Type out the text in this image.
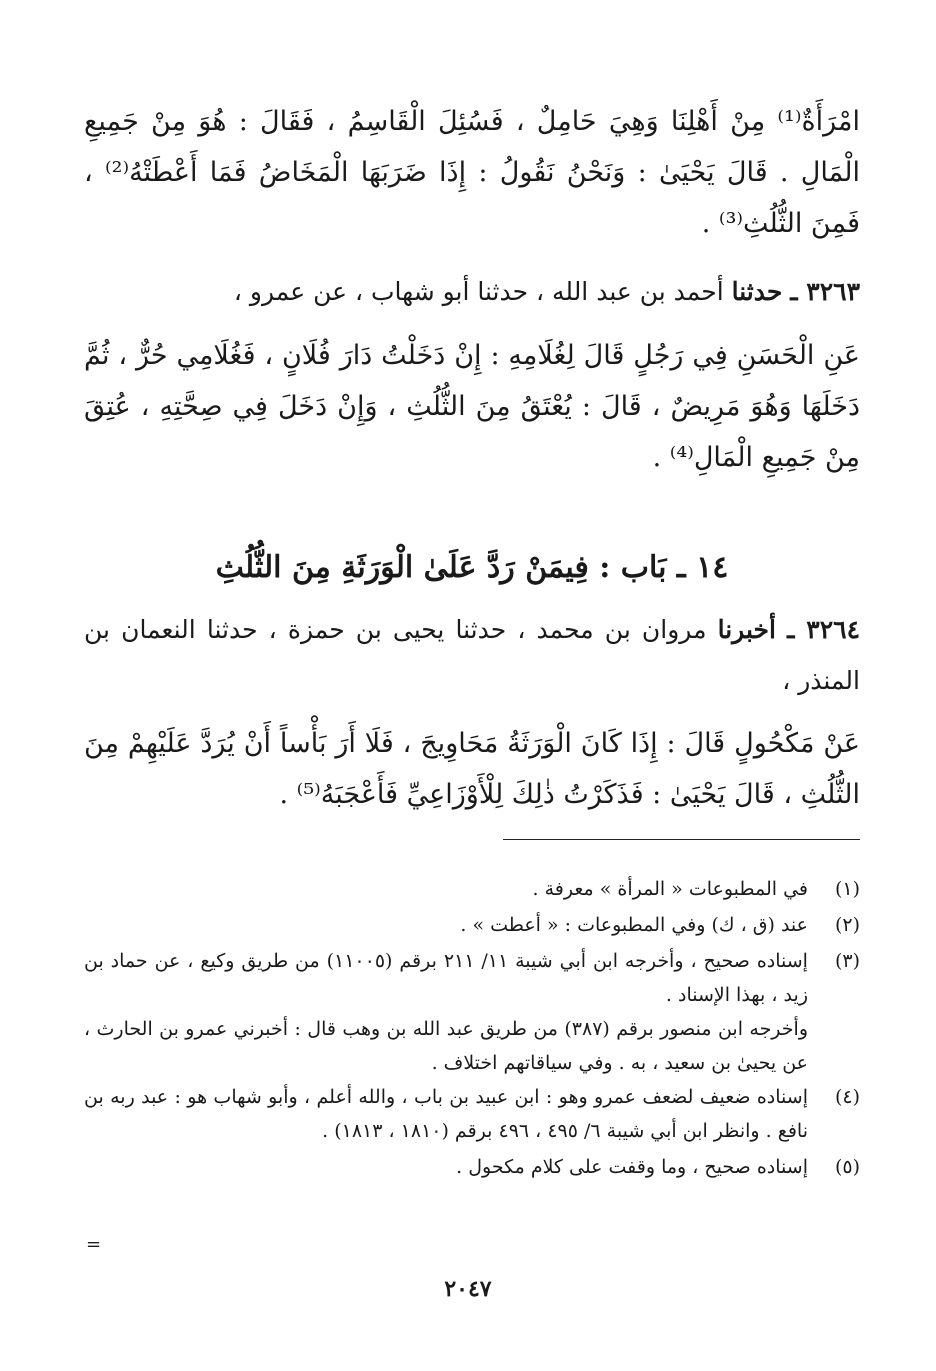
امْرَأَةٌ⁽¹⁾ مِنْ أَهْلِنَا وَهِيَ حَامِلٌ ، فَسُئِلَ الْقَاسِمُ ، فَقَالَ : هُوَ مِنْ جَمِيعِ الْمَالِ . قَالَ يَحْيَىٰ : وَنَحْنُ نَقُولُ : إِذَا ضَرَبَهَا الْمَخَاضُ فَمَا أَعْطَتْهُ⁽²⁾ ، فَمِنَ الثُّلُثِ⁽³⁾ .
٣٢٦٣ ـ حدثنا أحمد بن عبد الله ، حدثنا أبو شهاب ، عن عمرو ،
عَنِ الْحَسَنِ فِي رَجُلٍ قَالَ لِغُلَامِهِ : إِنْ دَخَلْتُ دَارَ فُلَانٍ ، فَغُلَامِي حُرٌّ ، ثُمَّ دَخَلَهَا وَهُوَ مَرِيضٌ ، قَالَ : يُعْتَقُ مِنَ الثُّلُثِ ، وَإِنْ دَخَلَ فِي صِحَّتِهِ ، عُتِقَ مِنْ جَمِيعِ الْمَالِ⁽⁴⁾ .
١٤ ـ بَاب : فِيمَنْ رَدَّ عَلَىٰ الْوَرَثَةِ مِنَ الثُّلُثِ
٣٢٦٤ ـ أخبرنا مروان بن محمد ، حدثنا يحيى بن حمزة ، حدثنا النعمان بن المنذر ،
عَنْ مَكْحُولٍ قَالَ : إِذَا كَانَ الْوَرَثَةُ مَحَاوِيجَ ، فَلَا أَرَ بَأْساً أَنْ يُرَدَّ عَلَيْهِمْ مِنَ الثُّلُثِ ، قَالَ يَحْيَىٰ : فَذَكَرْتُ ذٰلِكَ لِلْأَوْزَاعِيِّ فَأَعْجَبَهُ⁽⁵⁾ .
(١)
في المطبوعات « المرأة » معرفة .
(٢)
عند (ق ، ك) وفي المطبوعات : « أعطت » .
(٣)
إسناده صحيح ، وأخرجه ابن أبي شيبة ١١/ ٢١١ برقم (١١٠٠٥) من طريق وكيع ، عن حماد بن زيد ، بهذا الإسناد .
وأخرجه ابن منصور برقم (٣٨٧) من طريق عبد الله بن وهب قال : أخبرني عمرو بن الحارث ، عن يحيىٰ بن سعيد ، به . وفي سياقاتهم اختلاف .
(٤)
إسناده ضعيف لضعف عمرو وهو : ابن عبيد بن باب ، والله أعلم ، وأبو شهاب هو : عبد ربه بن نافع . وانظر ابن أبي شيبة ٦/ ٤٩٥ ، ٤٩٦ برقم (١٨١٠ ، ١٨١٣) .
(٥)
إسناده صحيح ، وما وقفت على كلام مكحول .
=
٢٠٤٧
